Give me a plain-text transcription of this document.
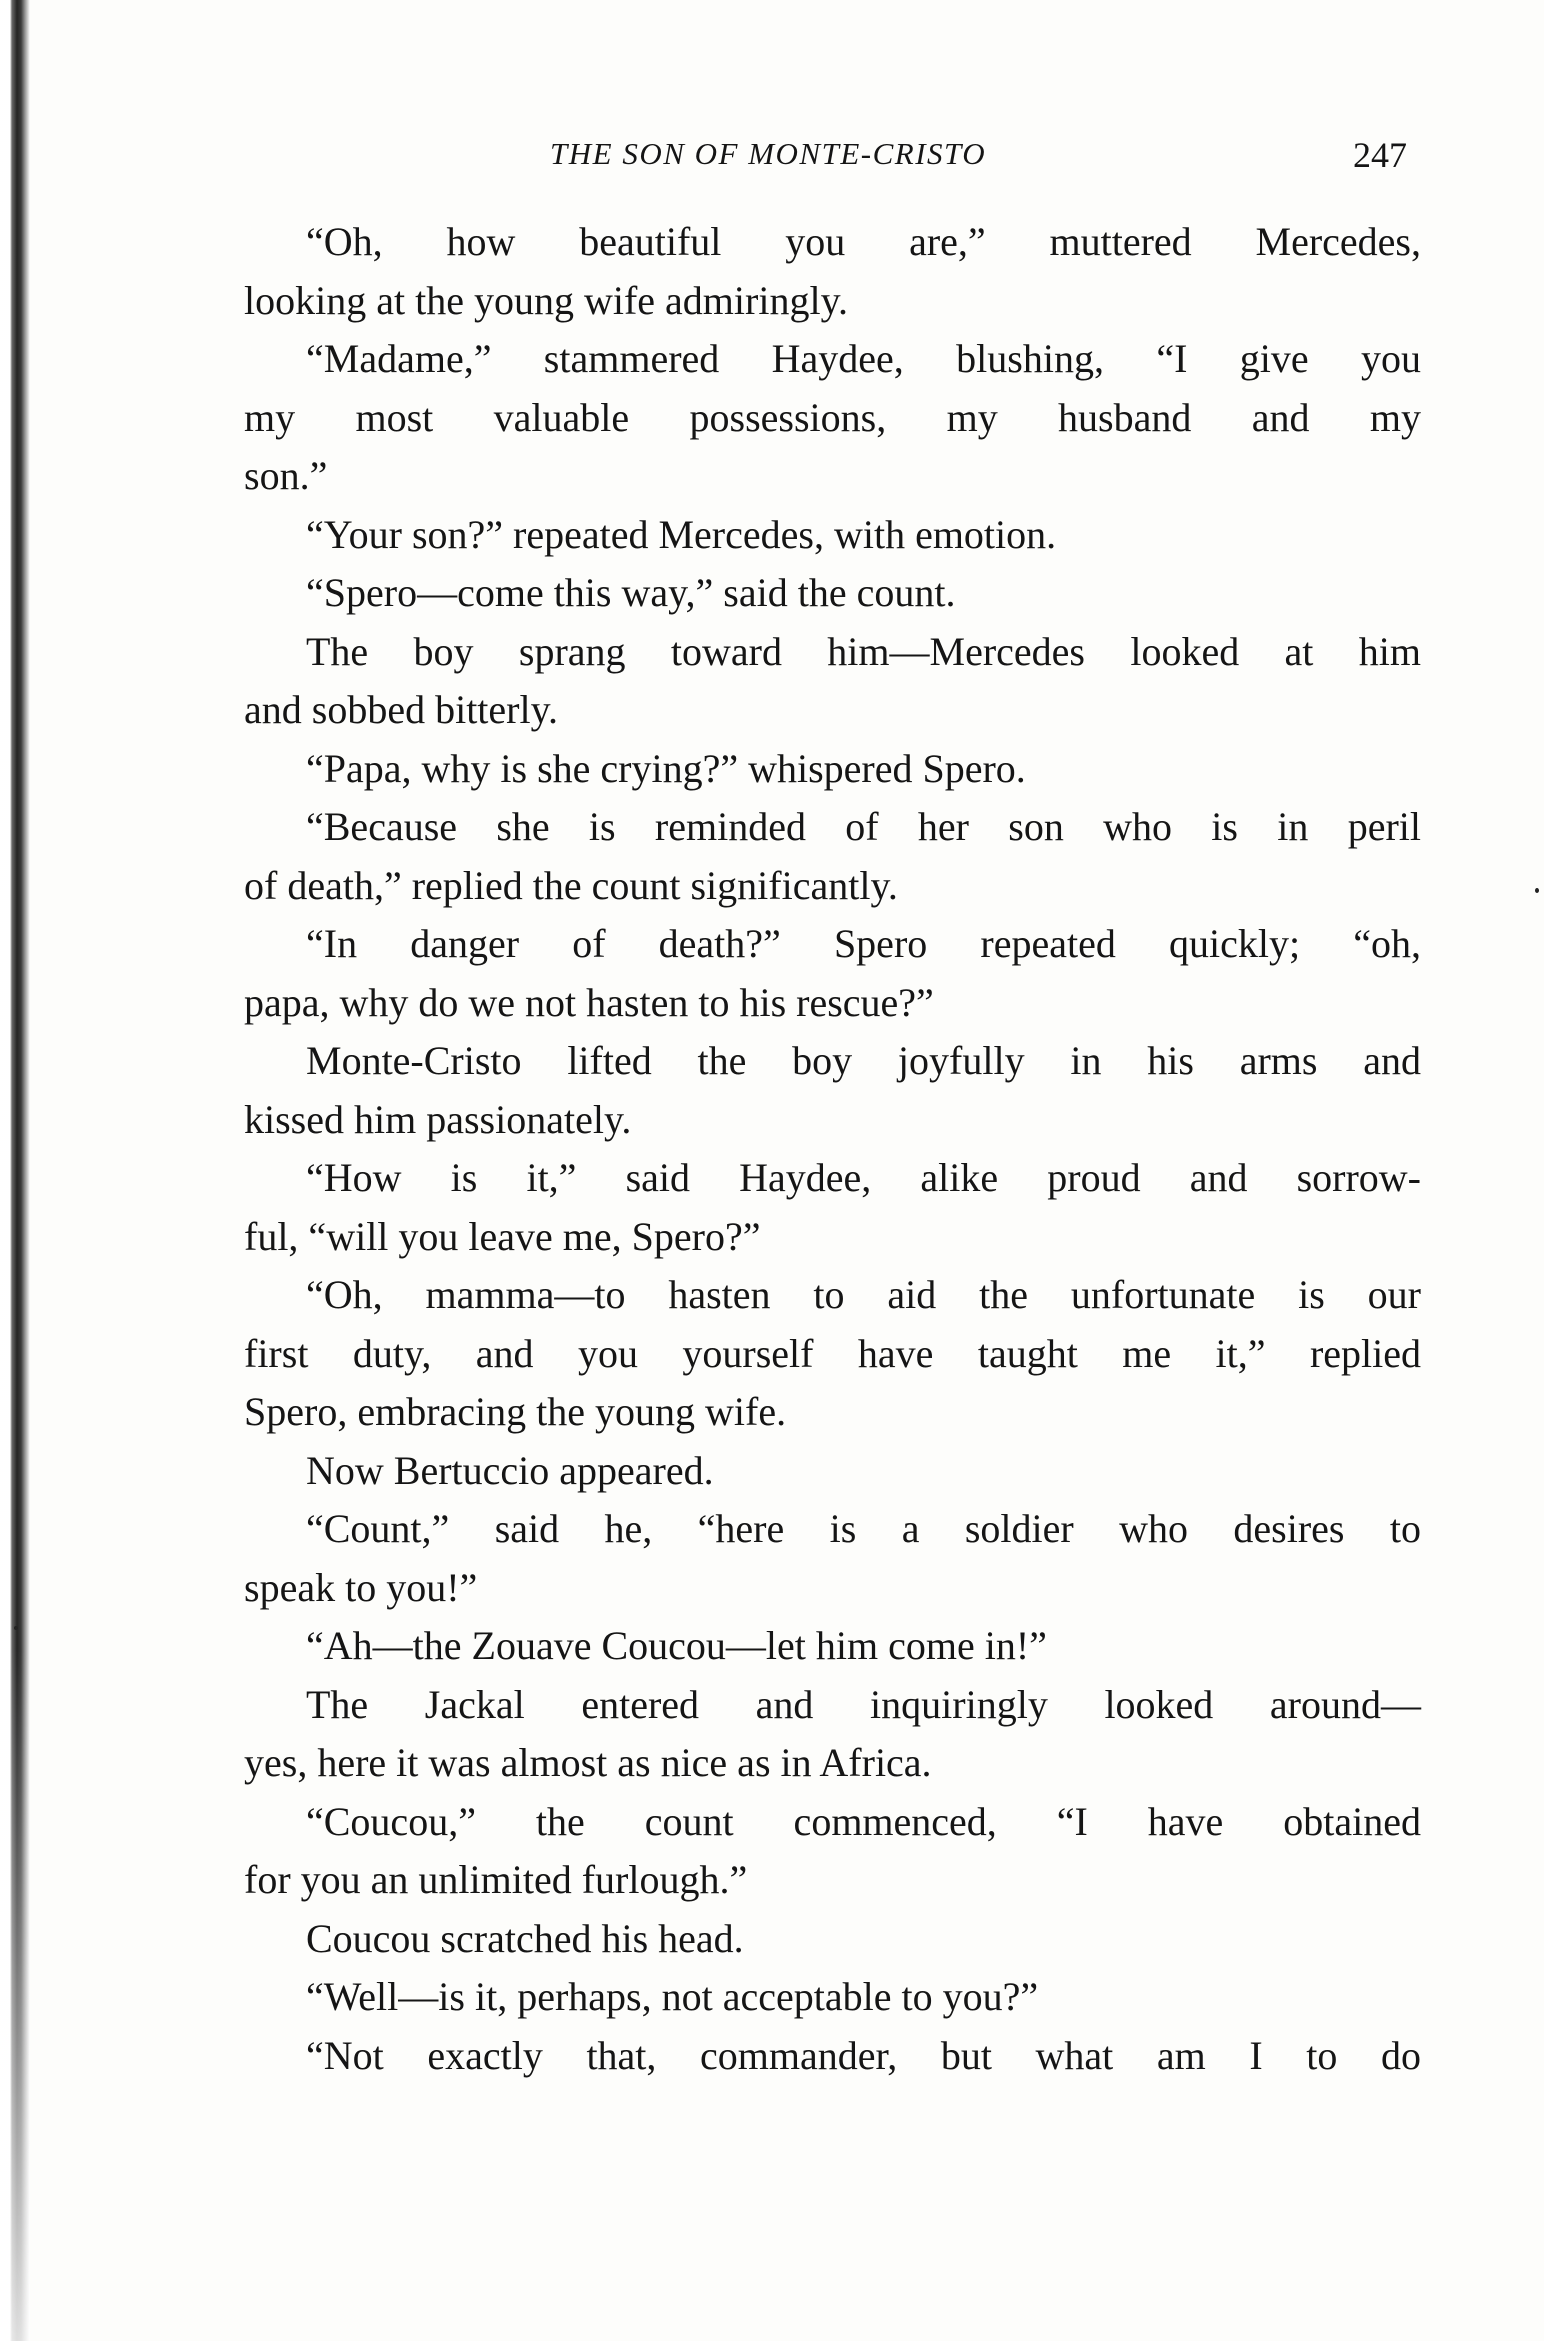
THE SON OF MONTE-CRISTO	247
“Oh, how beautiful you are,” muttered Mercedes,
looking at the young wife admiringly.
“Madame,” stammered Haydee, blushing, “I give you
my most valuable possessions, my husband and my
son.”
“Your son?” repeated Mercedes, with emotion.
“Spero—come this way,” said the count.
The boy sprang toward him—Mercedes looked at him
and sobbed bitterly.
“Papa, why is she crying?” whispered Spero.
“Because she is reminded of her son who is in peril
of death,” replied the count significantly.
“In danger of death?” Spero repeated quickly; “oh,
papa, why do we not hasten to his rescue?”
Monte-Cristo lifted the boy joyfully in his arms and
kissed him passionately.
“How is it,” said Haydee, alike proud and sorrow-
ful, “will you leave me, Spero?”
“Oh, mamma—to hasten to aid the unfortunate is our
first duty, and you yourself have taught me it,” replied
Spero, embracing the young wife.
Now Bertuccio appeared.
“Count,” said he, “here is a soldier who desires to
speak to you!”
“Ah—the Zouave Coucou—let him come in!”
The Jackal entered and inquiringly looked around—
yes, here it was almost as nice as in Africa.
“Coucou,” the count commenced, “I have obtained
for you an unlimited furlough.”
Coucou scratched his head.
“Well—is it, perhaps, not acceptable to you?”
“Not exactly that, commander, but what am I to do
